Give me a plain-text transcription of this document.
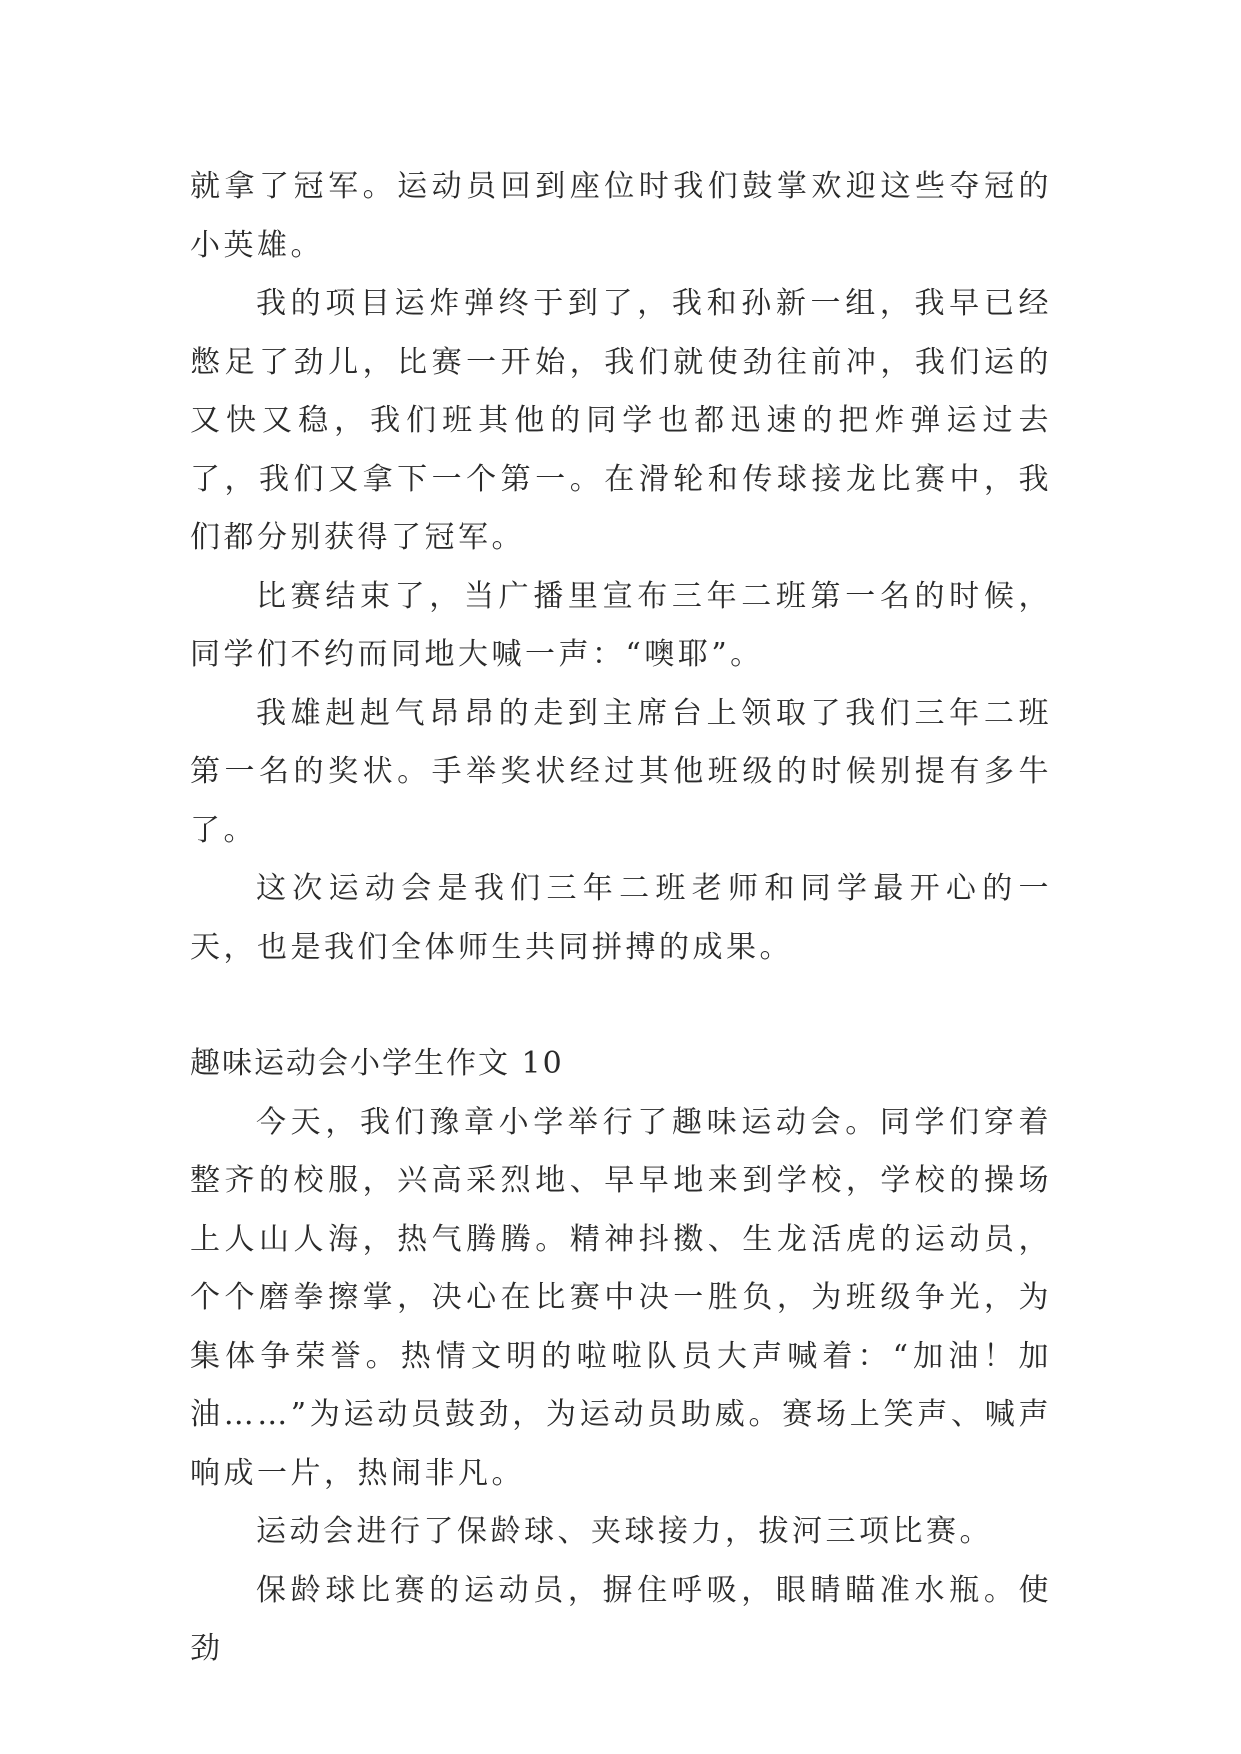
就拿了冠军。运动员回到座位时我们鼓掌欢迎这些夺冠的小英雄。

我的项目运炸弹终于到了，我和孙新一组，我早已经憋足了劲儿，比赛一开始，我们就使劲往前冲，我们运的又快又稳，我们班其他的同学也都迅速的把炸弹运过去了，我们又拿下一个第一。在滑轮和传球接龙比赛中，我们都分别获得了冠军。

比赛结束了，当广播里宣布三年二班第一名的时候，同学们不约而同地大喊一声：“噢耶”。

我雄赳赳气昂昂的走到主席台上领取了我们三年二班第一名的奖状。手举奖状经过其他班级的时候别提有多牛了。

这次运动会是我们三年二班老师和同学最开心的一天，也是我们全体师生共同拼搏的成果。

趣味运动会小学生作文 10

今天，我们豫章小学举行了趣味运动会。同学们穿着整齐的校服，兴高采烈地、早早地来到学校，学校的操场上人山人海，热气腾腾。精神抖擞、生龙活虎的运动员，个个磨拳擦掌，决心在比赛中决一胜负，为班级争光，为集体争荣誉。热情文明的啦啦队员大声喊着：“加油！加油……”为运动员鼓劲，为运动员助威。赛场上笑声、喊声响成一片，热闹非凡。

运动会进行了保龄球、夹球接力，拔河三项比赛。

保龄球比赛的运动员，摒住呼吸，眼睛瞄准水瓶。使劲
